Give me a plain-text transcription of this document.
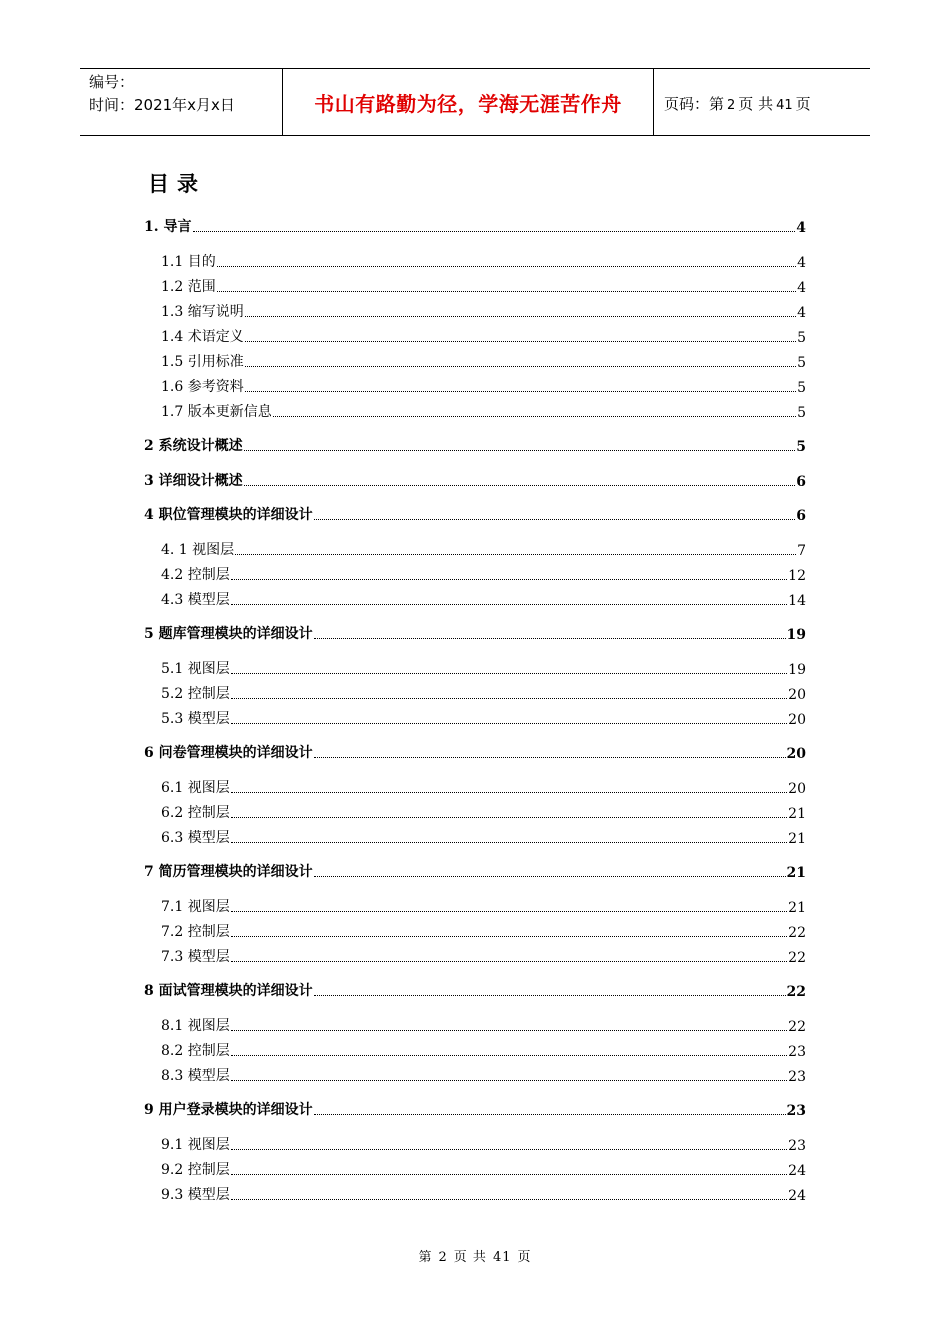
编号：
时间：2021年x月x日	书山有路勤为径，学海无涯苦作舟	页码：第 2 页 共 41 页
目录
1. 导言	4
1.1 目的	4
1.2 范围	4
1.3 缩写说明	4
1.4 术语定义	5
1.5 引用标准	5
1.6 参考资料	5
1.7 版本更新信息	5
2 系统设计概述	5
3 详细设计概述	6
4 职位管理模块的详细设计	6
4. 1 视图层	7
4.2 控制层	12
4.3 模型层	14
5 题库管理模块的详细设计	19
5.1 视图层	19
5.2 控制层	20
5.3 模型层	20
6 问卷管理模块的详细设计	20
6.1 视图层	20
6.2 控制层	21
6.3 模型层	21
7 简历管理模块的详细设计	21
7.1 视图层	21
7.2 控制层	22
7.3 模型层	22
8 面试管理模块的详细设计	22
8.1 视图层	22
8.2 控制层	23
8.3 模型层	23
9 用户登录模块的详细设计	23
9.1 视图层	23
9.2 控制层	24
9.3 模型层	24
第 2 页 共 41 页
